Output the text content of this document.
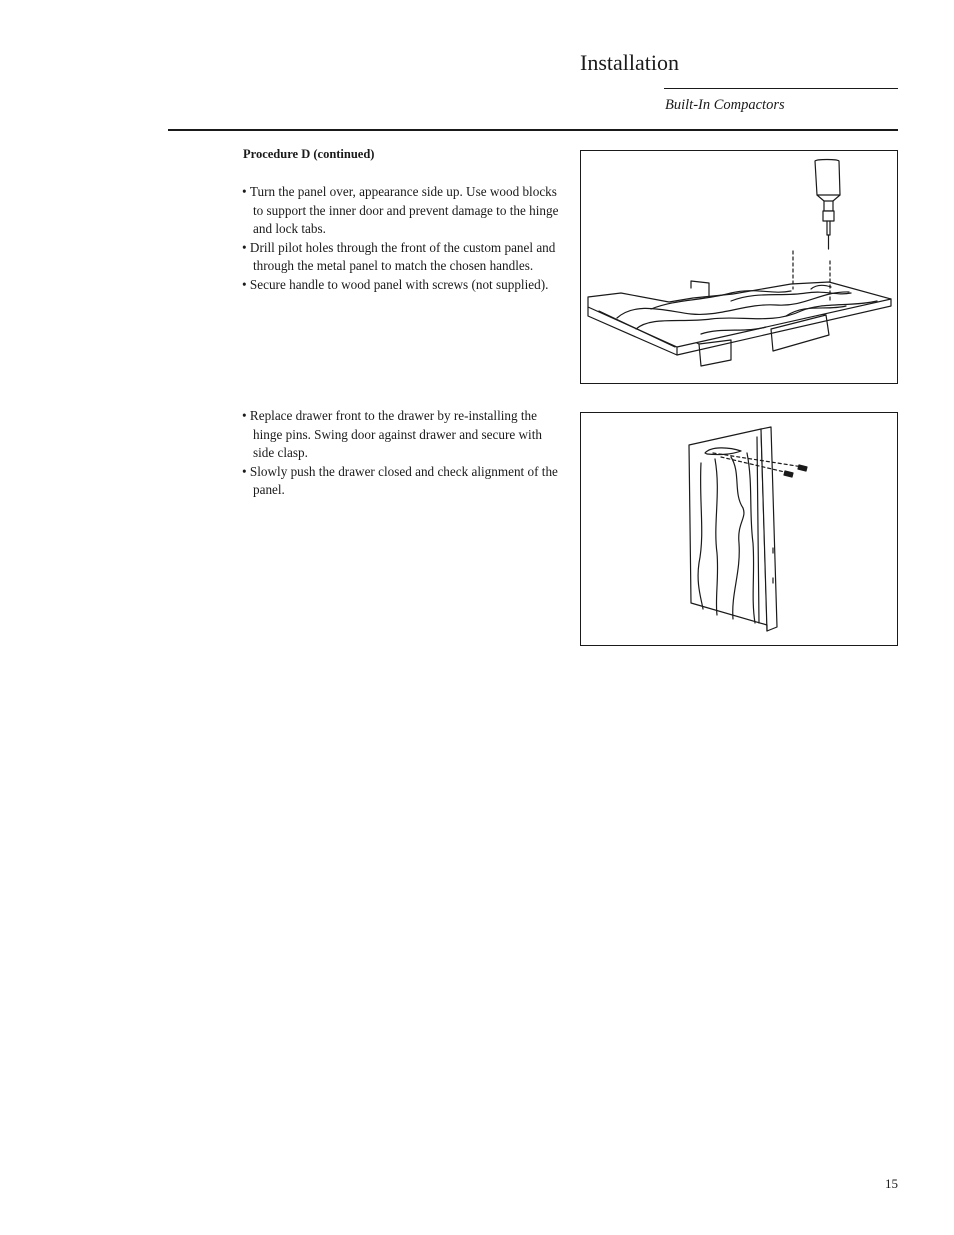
Installation
Built-In Compactors
Procedure D (continued)
• Turn the panel over, appearance side up. Use wood blocks to support the inner door and prevent damage to the hinge and lock tabs.
• Drill pilot holes through the front of the custom panel and through the metal panel to match the chosen handles.
• Secure handle to wood panel with screws (not supplied).
• Replace drawer front to the drawer by re-installing the hinge pins. Swing door against drawer and secure with side clasp.
• Slowly push the drawer closed and check alignment of the panel.
15
